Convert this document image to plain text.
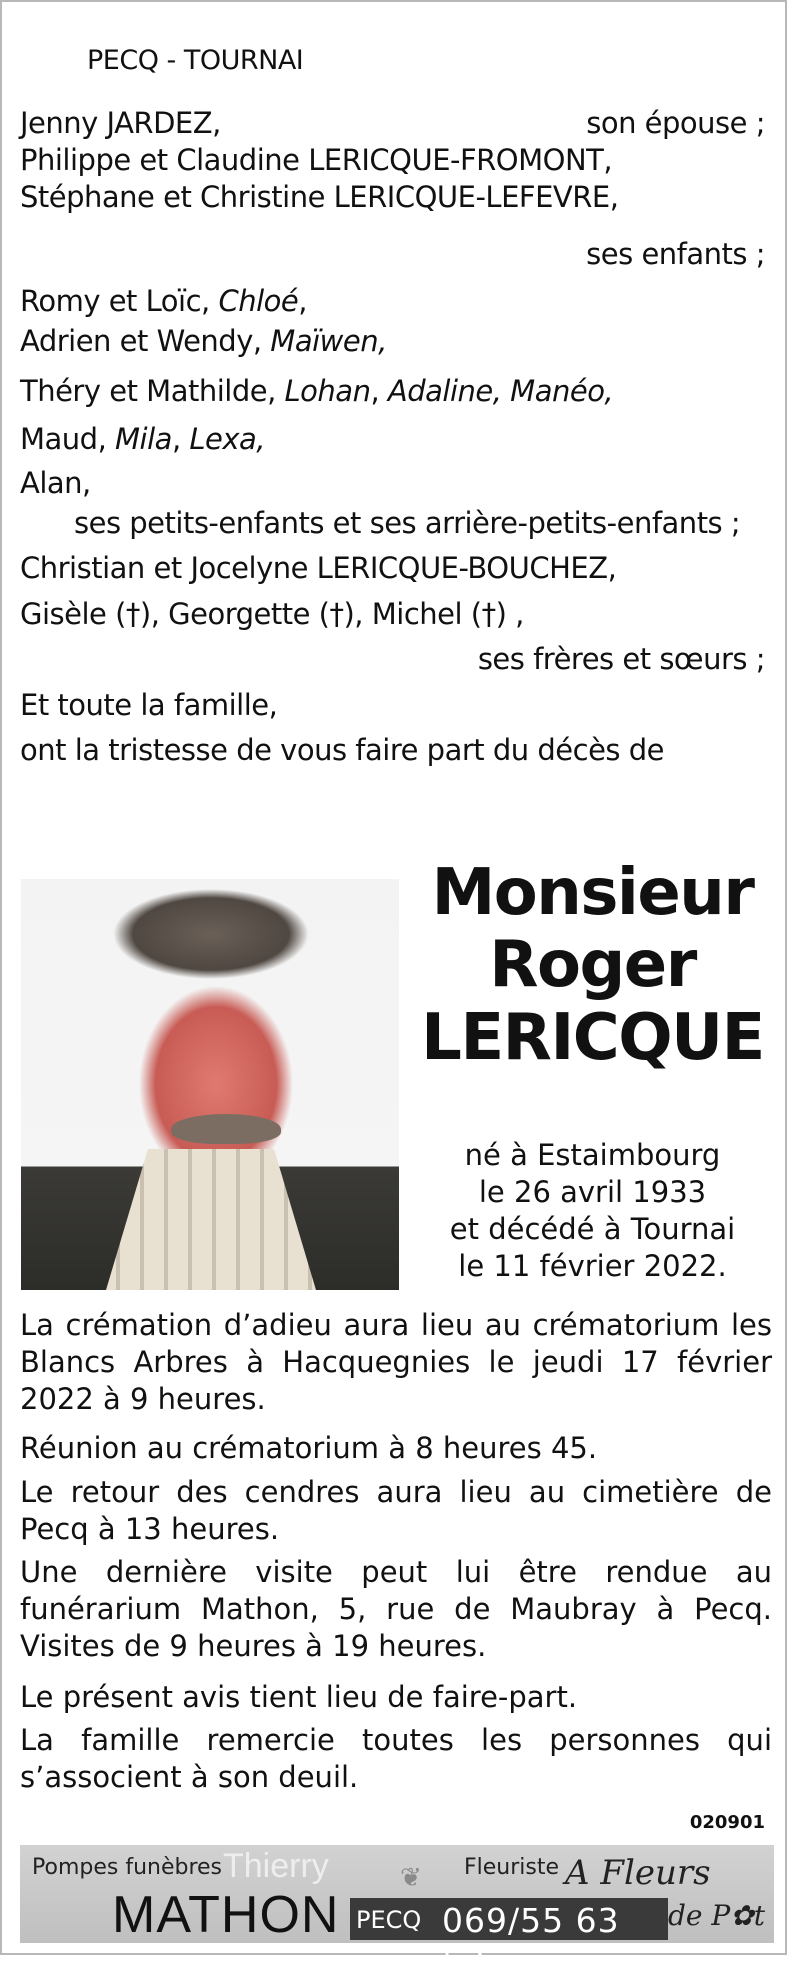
PECQ - TOURNAI
Jenny JARDEZ,	son épouse ;
Philippe et Claudine LERICQUE-FROMONT,
Stéphane et Christine LERICQUE-LEFEVRE,
ses enfants ;
Romy et Loïc, Chloé,
Adrien et Wendy, Maïwen,
Théry et Mathilde, Lohan, Adaline, Manéo,
Maud, Mila, Lexa,
Alan,
ses petits-enfants et ses arrière-petits-enfants ;
Christian et Jocelyne LERICQUE-BOUCHEZ,
Gisèle (†), Georgette (†), Michel (†) ,
ses frères et sœurs ;
Et toute la famille,
ont la tristesse de vous faire part du décès de
Monsieur
Roger
LERICQUE
né à Estaimbourg
le 26 avril 1933
et décédé à Tournai
le 11 février 2022.
La crémation d’adieu aura lieu au crématorium les Blancs Arbres à Hacquegnies le jeudi 17 février 2022 à 9 heures.
Réunion au crématorium à 8 heures 45.
Le retour des cendres aura lieu au cimetière de Pecq à 13 heures.
Une dernière visite peut lui être rendue au funérarium Mathon, 5, rue de Maubray à Pecq. Visites de 9 heures à 19 heures.
Le présent avis tient lieu de faire-part.
La famille remercie toutes les personnes qui s’associent à son deuil.
020901
Pompes funèbres Thierry
MATHON
❦
PECQ 069/55 63 52
Fleuriste A Fleurs
de P✿t
